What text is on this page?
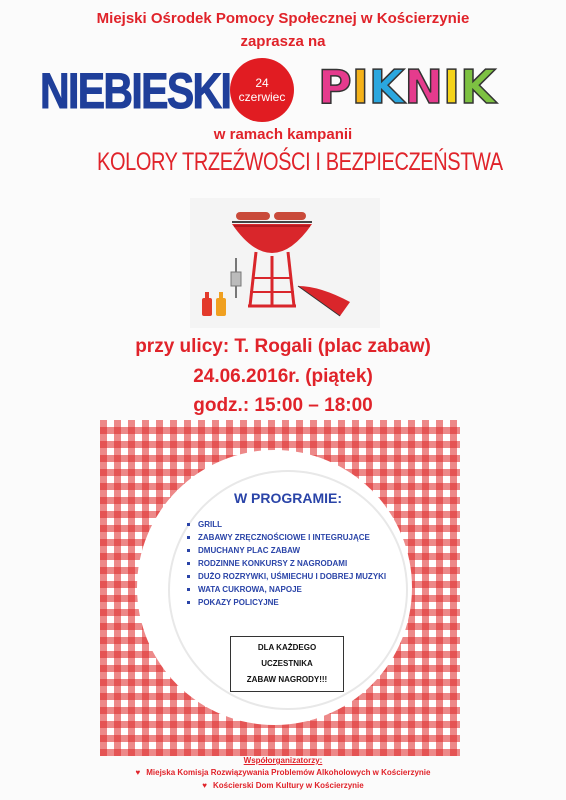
Miejski Ośrodek Pomocy Społecznej w Kościerzynie
zaprasza na
NIEBIESKI 24
czerwiec P I K N I K
w ramach kampanii
KOLORY TRZEŹWOŚCI I BEZPIECZEŃSTWA
przy ulicy: T. Rogali (plac zabaw)
24.06.2016r. (piątek)
godz.: 15:00 – 18:00
W PROGRAMIE:
GRILL
ZABAWY ZRĘCZNOŚCIOWE I INTEGRUJĄCE
DMUCHANY PLAC ZABAW
RODZINNE KONKURSY Z NAGRODAMI
DUŻO ROZRYWKI, UŚMIECHU I DOBREJ MUZYKI
WATA CUKROWA, NAPOJE
POKAZY POLICYJNE
DLA KAŻDEGO
UCZESTNIKA
ZABAW NAGRODY!!!
Współorganizatorzy:
♥ Miejska Komisja Rozwiązywania Problemów Alkoholowych w Kościerzynie
♥ Kościerski Dom Kultury w Kościerzynie
